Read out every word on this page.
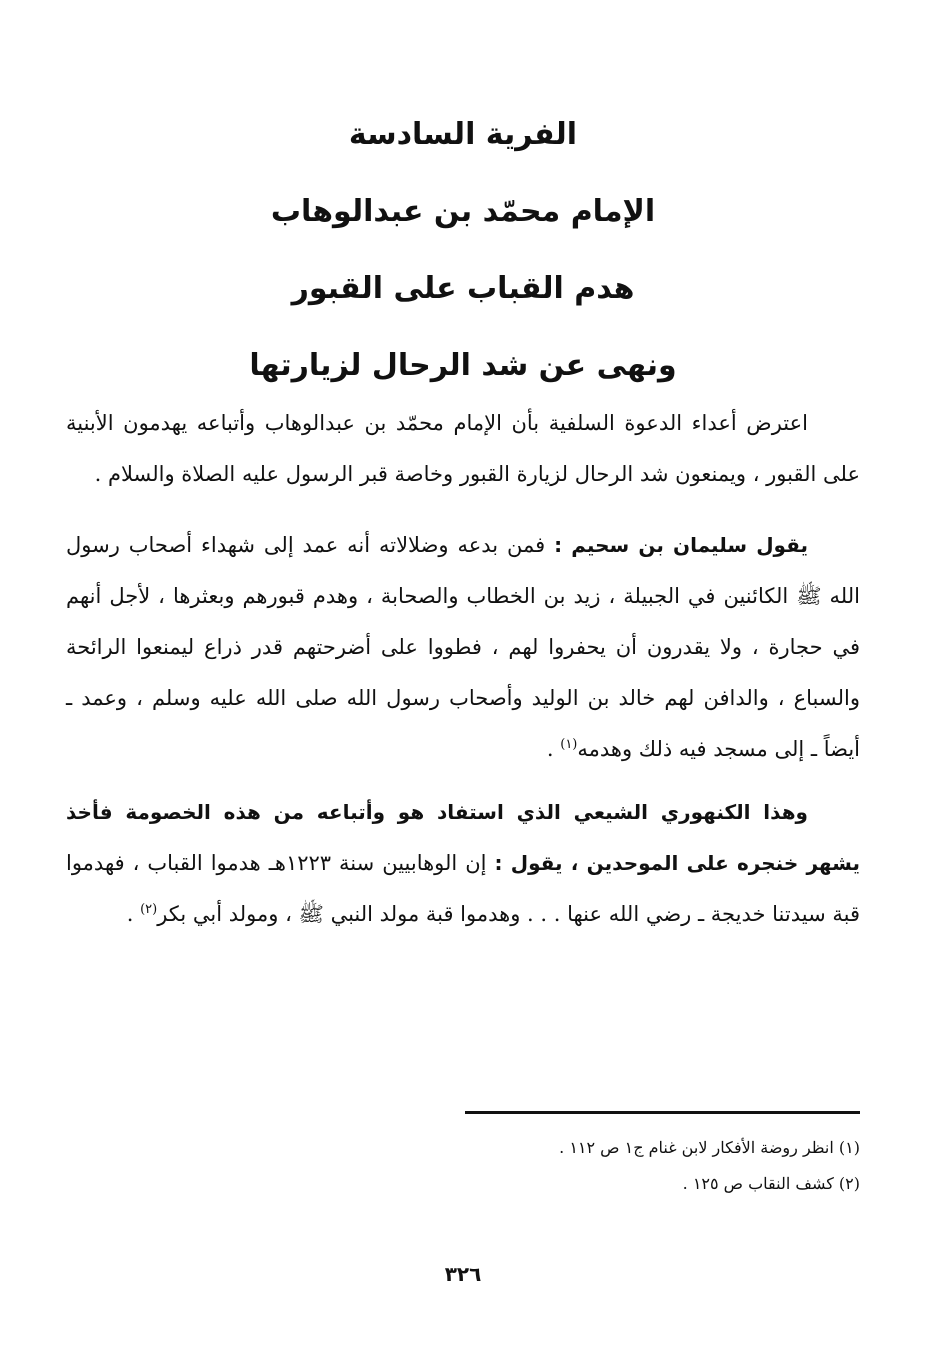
الفرية السادسة
الإمام محمّد بن عبدالوهاب
هدم القباب على القبور
ونهى عن شد الرحال لزيارتها

اعترض أعداء الدعوة السلفية بأن الإمام محمّد بن عبدالوهاب وأتباعه يهدمون الأبنية على القبور ، ويمنعون شد الرحال لزيارة القبور وخاصة قبر الرسول عليه الصلاة والسلام .

يقول سليمان بن سحيم : فمن بدعه وضلالاته أنه عمد إلى شهداء أصحاب رسول الله ﷺ الكائنين في الجبيلة ، زيد بن الخطاب والصحابة ، وهدم قبورهم وبعثرها ، لأجل أنهم في حجارة ، ولا يقدرون أن يحفروا لهم ، فطووا على أضرحتهم قدر ذراع ليمنعوا الرائحة والسباع ، والدافن لهم خالد بن الوليد وأصحاب رسول الله صلى الله عليه وسلم ، وعمد ـ أيضاً ـ إلى مسجد فيه ذلك وهدمه$^{(١)}$ .

وهذا الكنهوري الشيعي الذي استفاد هو وأتباعه من هذه الخصومة فأخذ يشهر خنجره على الموحدين ، يقول : إن الوهابيين سنة ١٢٢٣هـ هدموا القباب ، فهدموا قبة سيدتنا خديجة ـ رضي الله عنها . . . وهدموا قبة مولد النبي ﷺ ، ومولد أبي بكر$^{(٢)}$ .

(١) انظر روضة الأفكار لابن غنام ج١ ص ١١٢ .
(٢) كشف النقاب ص ١٢٥ .
٣٢٦
